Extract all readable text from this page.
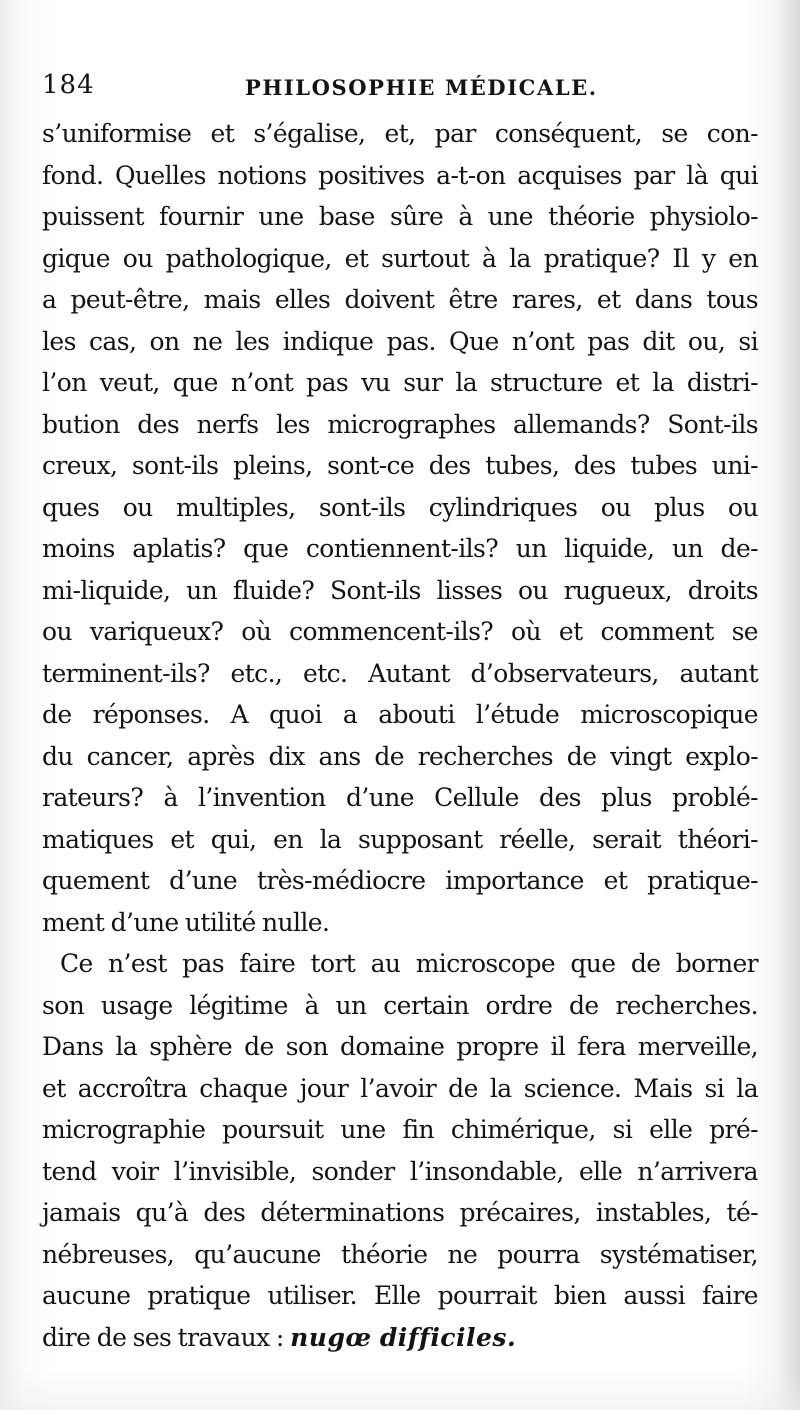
184	PHILOSOPHIE MÉDICALE.
s’uniformise et s’égalise, et, par conséquent, se con-
fond. Quelles notions positives a-t-on acquises par là qui
puissent fournir une base sûre à une théorie physiolo-
gique ou pathologique, et surtout à la pratique? Il y en
a peut-être, mais elles doivent être rares, et dans tous
les cas, on ne les indique pas. Que n’ont pas dit ou, si
l’on veut, que n’ont pas vu sur la structure et la distri-
bution des nerfs les micrographes allemands? Sont-ils
creux, sont-ils pleins, sont-ce des tubes, des tubes uni-
ques ou multiples, sont-ils cylindriques ou plus ou
moins aplatis? que contiennent-ils? un liquide, un de-
mi-liquide, un fluide? Sont-ils lisses ou rugueux, droits
ou variqueux? où commencent-ils? où et comment se
terminent-ils? etc., etc. Autant d’observateurs, autant
de réponses. A quoi a abouti l’étude microscopique
du cancer, après dix ans de recherches de vingt explo-
rateurs? à l’invention d’une Cellule des plus problé-
matiques et qui, en la supposant réelle, serait théori-
quement d’une très-médiocre importance et pratique-
ment d’une utilité nulle.
Ce n’est pas faire tort au microscope que de borner
son usage légitime à un certain ordre de recherches.
Dans la sphère de son domaine propre il fera merveille,
et accroîtra chaque jour l’avoir de la science. Mais si la
micrographie poursuit une fin chimérique, si elle pré-
tend voir l’invisible, sonder l’insondable, elle n’arrivera
jamais qu’à des déterminations précaires, instables, té-
nébreuses, qu’aucune théorie ne pourra systématiser,
aucune pratique utiliser. Elle pourrait bien aussi faire
dire de ses travaux : nugœ difficiles.
